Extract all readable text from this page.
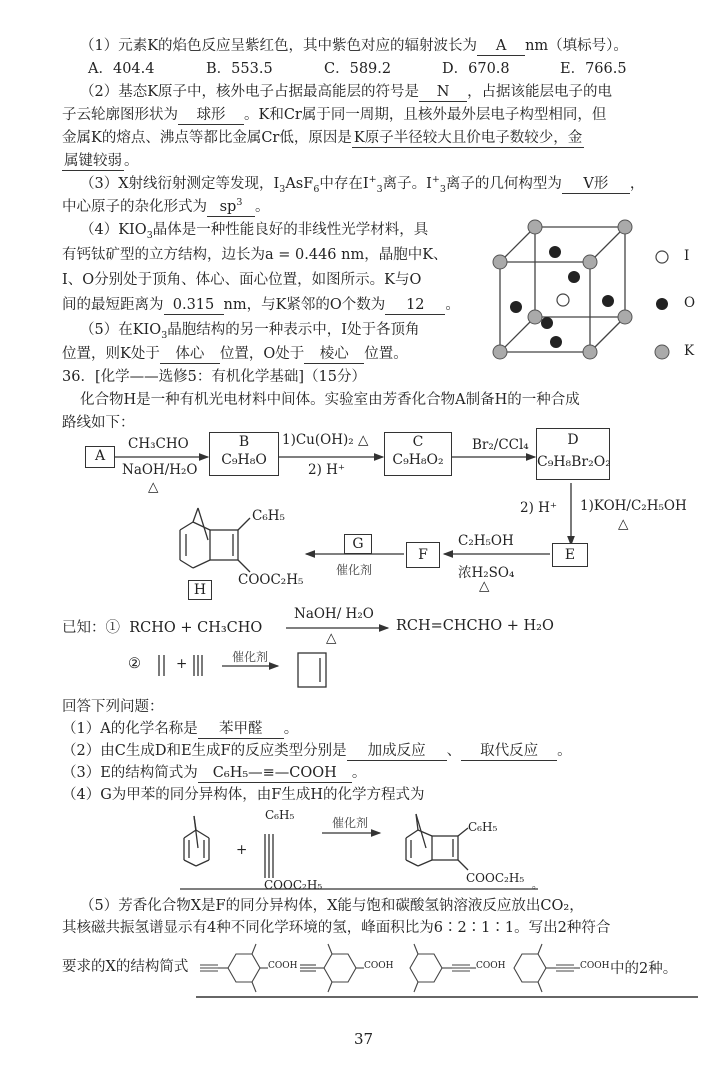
（1）元素K的焰色反应呈紫红色，其中紫色对应的辐射波长为 A nm（填标号）。
A．404.4	B．553.5	C．589.2	D．670.8	E．766.5
（2）基态K原子中，核外电子占据最高能层的符号是 N ，占据该能层电子的电
子云轮廓图形状为 球形 。K和Cr属于同一周期，且核外最外层电子构型相同，但
金属K的熔点、沸点等都比金属Cr低，原因是 K原子半径较大且价电子数较少，金
属键较弱 。
（3）X射线衍射测定等发现，$I_3AsF_6$中存在$I^+_3$离子。$I^+_3$离子的几何构型为 V形 ，
中心原子的杂化形式为 $sp^3$ 。
$(4)KIO_3$晶体是一种性能良好的非线性光学材料，具
有钙钛矿型的立方结构，边长为a = 0.446 nm，晶胞中K、
I、O分别处于顶角、体心、面心位置，如图所示。K与O
间的最短距离为 0.315 nm，与K紧邻的O个数为 12 。
（5）在$KIO_3$晶胞结构的另一种表示中，I处于各顶角
位置，则K处于 体心 位置，O处于 棱心 位置。
I
O
K
36．[化学——选修5：有机化学基础]（15分）
化合物H是一种有机光电材料中间体。实验室由芳香化合物A制备H的一种合成
路线如下：
A
B
C₉H₈O
C
C₉H₈O₂
D
C₉H₈Br₂O₂
E
F
G
H
CH₃CHO
NaOH/H₂O
△
1)Cu(OH)₂ △
2) H⁺
Br₂/CCl₄
2) H⁺ 1)KOH/C₂H₅OH
△
C₂H₅OH
浓H₂SO₄
△
催化剂
C₆H₅
COOC₂H₅
已知：① RCHO + CH₃CHO
NaOH/ H₂O
△
RCH=CHCHO + H₂O
②	+	催化剂
回答下列问题：
（1）A的化学名称是 苯甲醛 。
（2）由C生成D和E生成F的反应类型分别是 加成反应 、 取代反应 。
（3）E的结构简式为 C₆H₅—≡—COOH 。
（4）G为甲苯的同分异构体，由F生成H的化学方程式为
C₆H₅
COOC₂H₅
+
催化剂	C₆H₅
COOC₂H₅
。
（5）芳香化合物X是F的同分异构体，X能与饱和碳酸氢钠溶液反应放出CO₂，
其核磁共振氢谱显示有4种不同化学环境的氢，峰面积比为6∶2∶1∶1。写出2种符合
要求的X的结构简式	COOH	COOH	COOH	COOH 中的2种。
37
